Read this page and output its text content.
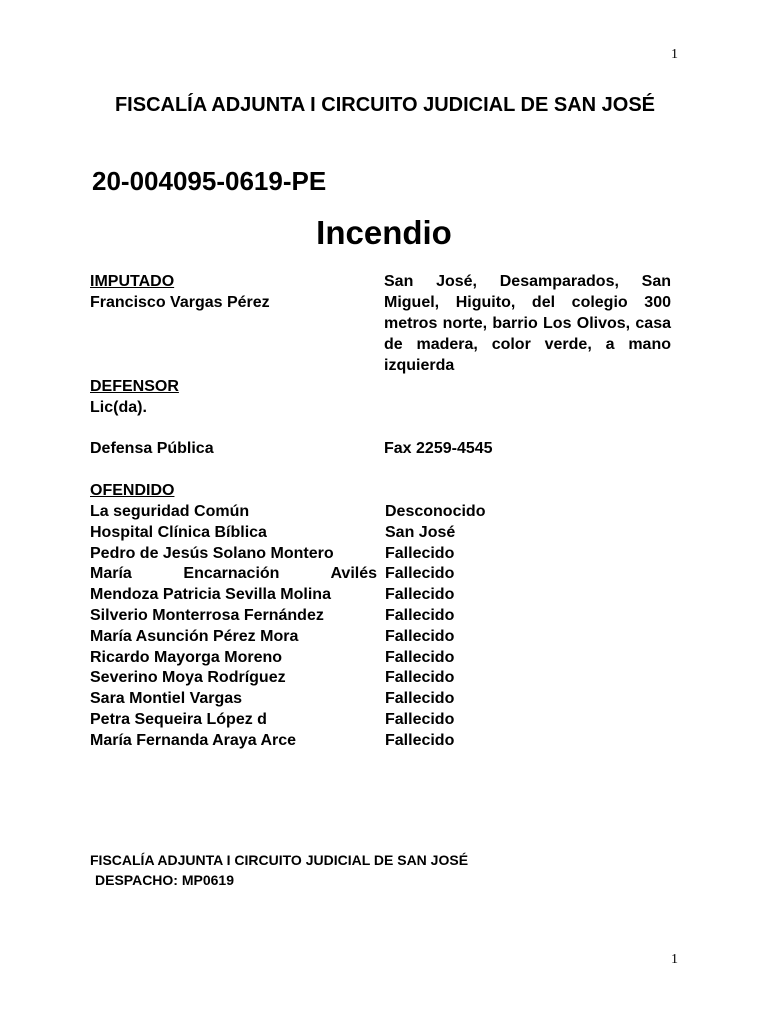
1
FISCALÍA ADJUNTA I CIRCUITO JUDICIAL DE SAN JOSÉ
20-004095-0619-PE
Incendio
IMPUTADO
Francisco Vargas Pérez
San José, Desamparados, San Miguel, Higuito, del colegio 300 metros norte, barrio Los Olivos, casa de madera, color verde, a mano izquierda
DEFENSOR
Lic(da).
Defensa Pública	Fax 2259-4545
OFENDIDO
La seguridad Común	Desconocido
Hospital Clínica Bíblica	San José
Pedro de Jesús Solano Montero	Fallecido
María Encarnación Avilés Fallecido
Mendoza Patricia Sevilla Molina	Fallecido
Silverio Monterrosa Fernández	Fallecido
María Asunción Pérez Mora	Fallecido
Ricardo Mayorga Moreno	Fallecido
Severino Moya Rodríguez	Fallecido
Sara Montiel Vargas	Fallecido
Petra Sequeira López d	Fallecido
María Fernanda Araya Arce	Fallecido
FISCALÍA ADJUNTA I CIRCUITO JUDICIAL DE SAN JOSÉ
DESPACHO: MP0619
1
